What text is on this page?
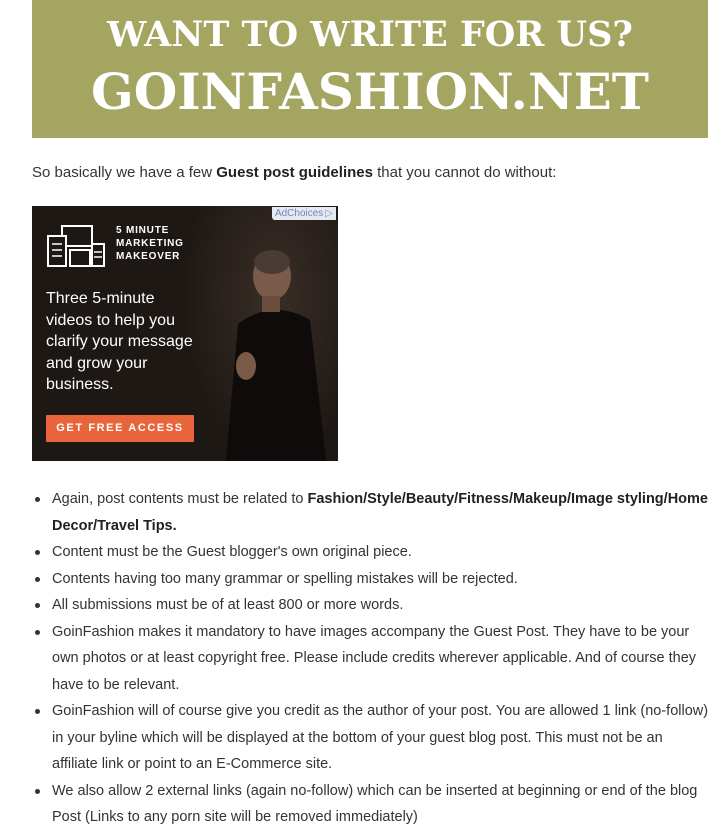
WANT TO WRITE FOR US?
GOINFASHION.NET
So basically we have a few Guest post guidelines that you cannot do without:
AdChoices ▷
5 MINUTE
MARKETING
MAKEOVER
Three 5-minute videos to help you clarify your message and grow your business.
GET FREE ACCESS
Again, post contents must be related to Fashion/Style/Beauty/Fitness/Makeup/Image styling/Home Decor/Travel Tips.
Content must be the Guest blogger's own original piece.
Contents having too many grammar or spelling mistakes will be rejected.
All submissions must be of at least 800 or more words.
GoinFashion makes it mandatory to have images accompany the Guest Post. They have to be your own photos or at least copyright free. Please include credits wherever applicable. And of course they have to be relevant.
GoinFashion will of course give you credit as the author of your post. You are allowed 1 link (no-follow) in your byline which will be displayed at the bottom of your guest blog post. This must not be an affiliate link or point to an E-Commerce site.
We also allow 2 external links (again no-follow) which can be inserted at beginning or end of the blog Post (Links to any porn site will be removed immediately)
